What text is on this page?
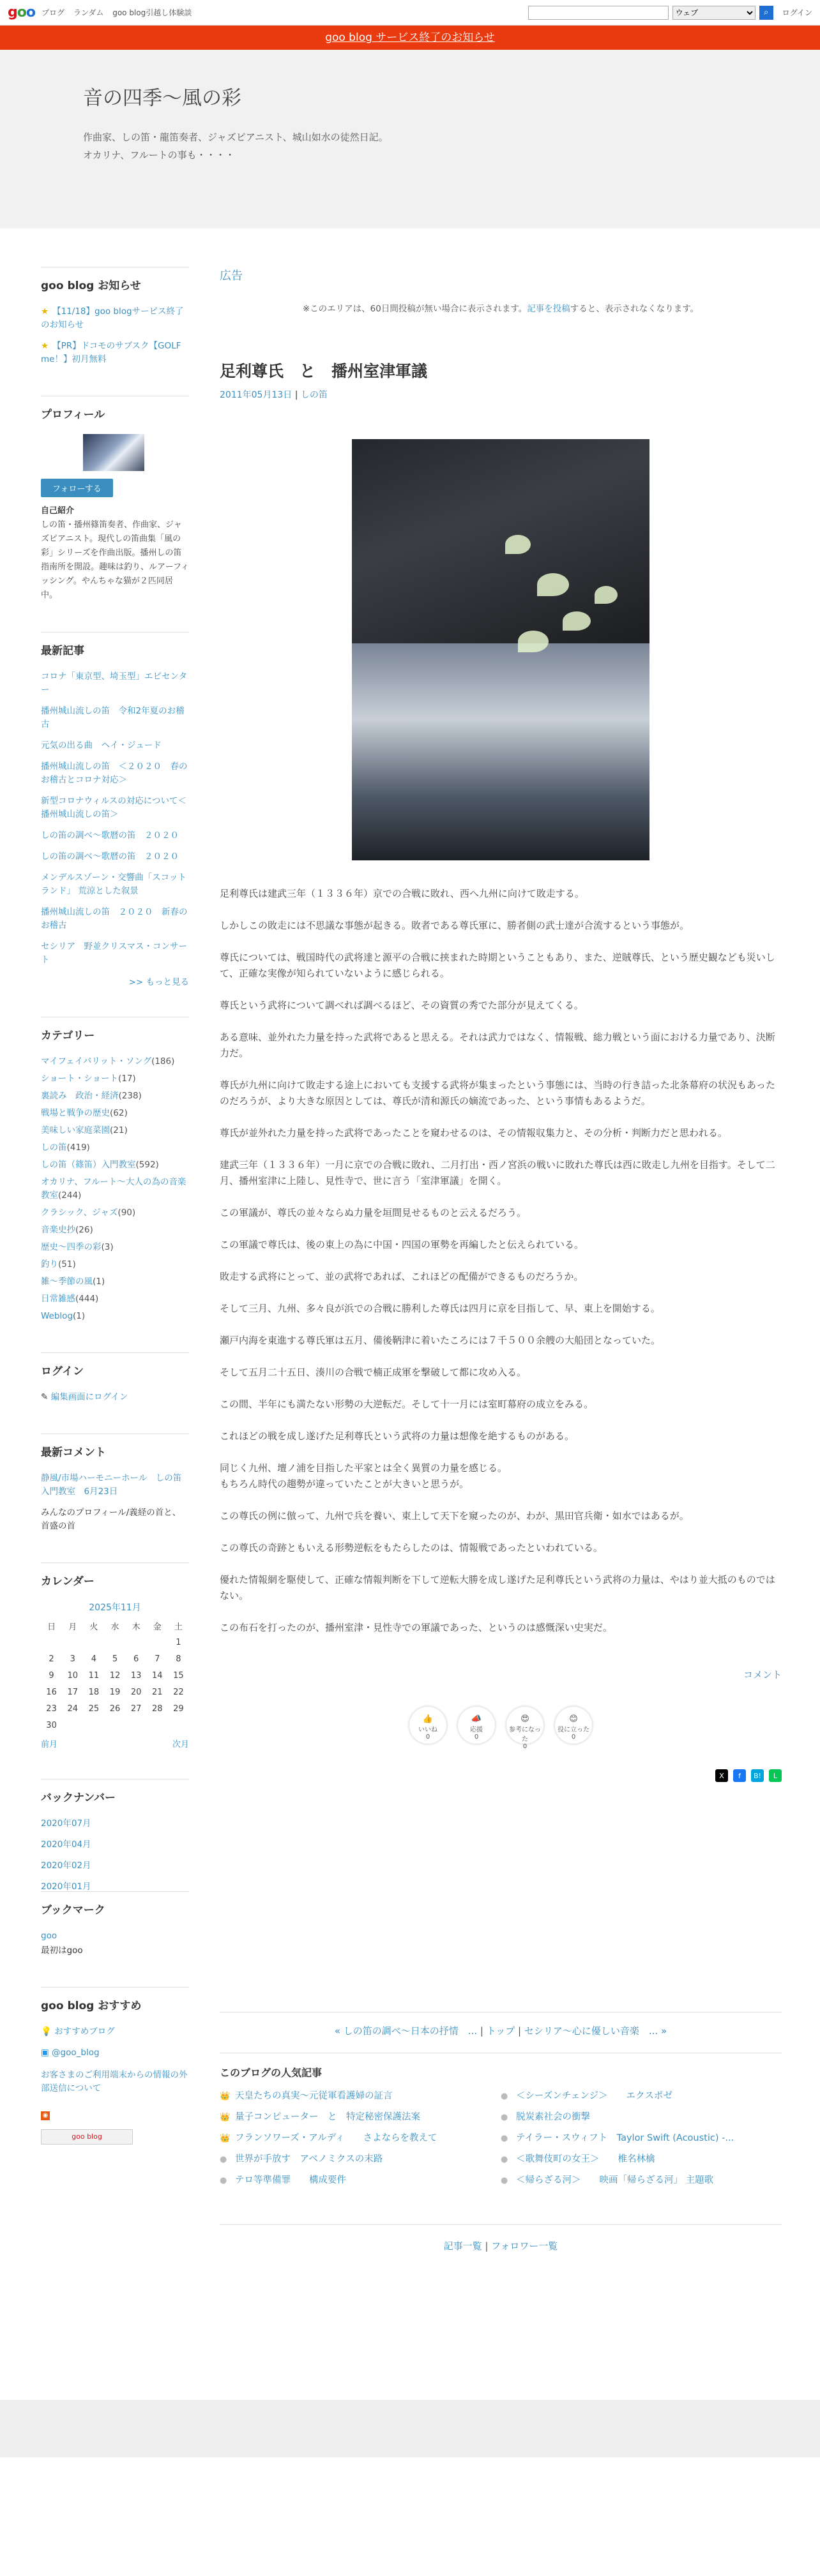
goo ブログ ランダム goo blog引越し体験談
ウェブ	⌕	ログイン
goo blog サービス終了のお知らせ
音の四季～風の彩

作曲家、しの笛・龍笛奏者、ジャズピアニスト、城山如水の徒然日記。

オカリナ、フルートの事も・・・・

goo blog お知らせ
★ 【11/18】goo blogサービス終了のお知らせ
★ 【PR】ドコモのサブスク【GOLF me！】初月無料
プロフィール
フォローする
自己紹介
しの笛・播州篠笛奏者、作曲家、ジャズピアニスト。現代しの笛曲集「風の彩」シリーズを作曲出版。播州しの笛指南所を開設。趣味は釣り、ルアーフィッシング。やんちゃな猫が２匹同居中。
最新記事
コロナ「東京型、埼玉型」エピセンター
播州城山流しの笛　令和2年夏のお稽古
元気の出る曲　ヘイ・ジュード
播州城山流しの笛　＜２０２０　春のお稽古とコロナ対応＞
新型コロナウィルスの対応について＜播州城山流しの笛＞
しの笛の調べ～歌暦の笛　２０２０
しの笛の調べ～歌暦の笛　２０２０
メンデルスゾーン・交響曲「スコットランド」 荒涼とした叙景
播州城山流しの笛　２０２０　新春のお稽古
セシリア　野並クリスマス・コンサート
>> もっと見る
カテゴリー
マイフェイバリット・ソング(186)
ショート・ショート(17)
裏読み　政治・経済(238)
戦場と戦争の歴史(62)
美味しい家庭菜園(21)
しの笛(419)
しの笛（篠笛）入門教室(592)
オカリナ、フルート～大人の為の音楽教室(244)
クラシック、ジャズ(90)
音楽史抄(26)
歴史～四季の彩(3)
釣り(51)
雑～季節の風(1)
日常雑感(444)
Weblog(1)
ログイン
✎ 編集画面にログイン
最新コメント
静風/市場ハーモニーホール　しの笛入門教室　6月23日
みんなのプロフィール/義経の首と、首盛の首
カレンダー
2025年11月
日	月	火	水	木	金	土
						1
2	3	4	5	6	7	8
9	10	11	12	13	14	15
16	17	18	19	20	21	22
23	24	25	26	27	28	29
30						
前月	次月
バックナンバー
2020年07月
2020年04月
2020年02月
2020年01月
ブックマーク
goo
最初はgoo
goo blog おすすめ
💡 おすすめブログ
▣ @goo_blog
お客さまのご利用端末からの情報の外部送信について
◉
goo blog
広告
※このエリアは、60日間投稿が無い場合に表示されます。記事を投稿すると、表示されなくなります。
足利尊氏　と　播州室津軍議
2011年05月13日 | しの笛

足利尊氏は建武三年（１３３６年）京での合戦に敗れ、西へ九州に向けて敗走する。

しかしこの敗走には不思議な事態が起きる。敗者である尊氏軍に、勝者側の武士達が合流するという事態が。

尊氏については、戦国時代の武将達と源平の合戦に挟まれた時期ということもあり、また、逆賊尊氏、という歴史観なども災いして、正確な実像が知られていないように感じられる。

尊氏という武将について調べれば調べるほど、その資質の秀でた部分が見えてくる。

ある意味、並外れた力量を持った武将であると思える。それは武力ではなく、情報戦、総力戦という面における力量であり、決断力だ。

尊氏が九州に向けて敗走する途上においても支援する武将が集まったという事態には、当時の行き詰った北条幕府の状況もあったのだろうが、より大きな原因としては、尊氏が清和源氏の嫡流であった、という事情もあるようだ。

尊氏が並外れた力量を持った武将であったことを窺わせるのは、その情報収集力と、その分析・判断力だと思われる。

建武三年（１３３６年）一月に京での合戦に敗れ、二月打出・西ノ宮浜の戦いに敗れた尊氏は西に敗走し九州を目指す。そして二月、播州室津に上陸し、見性寺で、世に言う「室津軍議」を開く。

この軍議が、尊氏の並々ならぬ力量を垣間見せるものと云えるだろう。

この軍議で尊氏は、後の東上の為に中国・四国の軍勢を再編したと伝えられている。

敗走する武将にとって、並の武将であれば、これほどの配備ができるものだろうか。

そして三月、九州、多々良が浜での合戦に勝利した尊氏は四月に京を目指して、早、東上を開始する。

瀬戸内海を東進する尊氏軍は五月、備後鞆津に着いたころには７千５００余艘の大船団となっていた。

そして五月二十五日、湊川の合戦で楠正成軍を撃破して都に攻め入る。

この間、半年にも満たない形勢の大逆転だ。そして十一月には室町幕府の成立をみる。

これほどの戦を成し遂げた足利尊氏という武将の力量は想像を絶するものがある。

同じく九州、壇ノ浦を目指した平家とは全く異質の力量を感じる。
もちろん時代の趨勢が違っていたことが大きいと思うが。

この尊氏の例に倣って、九州で兵を養い、東上して天下を窺ったのが、わが、黒田官兵衛・如水ではあるが。

この尊氏の奇跡ともいえる形勢逆転をもたらしたのは、情報戦であったといわれている。

優れた情報網を駆使して、正確な情報判断を下して逆転大勝を成し遂げた足利尊氏という武将の力量は、やはり並大抵のものではない。

この布石を打ったのが、播州室津・見性寺での軍議であった、というのは感慨深い史実だ。

コメント
👍
いいね
0
📣
応援
0
😍
参考になった
0
😊
役に立った
0
X	f	B!	L
« しの笛の調べ～日本の抒情　... | トップ | セシリア～心に優しい音楽　... »
このブログの人気記事
👑 天皇たちの真実～元従軍看護婦の証言	● ＜シーズンチェンジ＞　　エクスポゼ
👑 量子コンピューター　と　特定秘密保護法案	● 脱炭素社会の衝撃
👑 フランソワーズ・アルディ　　さよならを教えて	● テイラー・スウィフト　Taylor Swift (Acoustic) -...
● 世界が手放す　アベノミクスの末路	● ＜歌舞伎町の女王＞　　椎名林檎
● テロ等準備罪　　構成要件	● ＜帰らざる河＞　　映画「帰らざる河」 主題歌
記事一覧 | フォロワー一覧
